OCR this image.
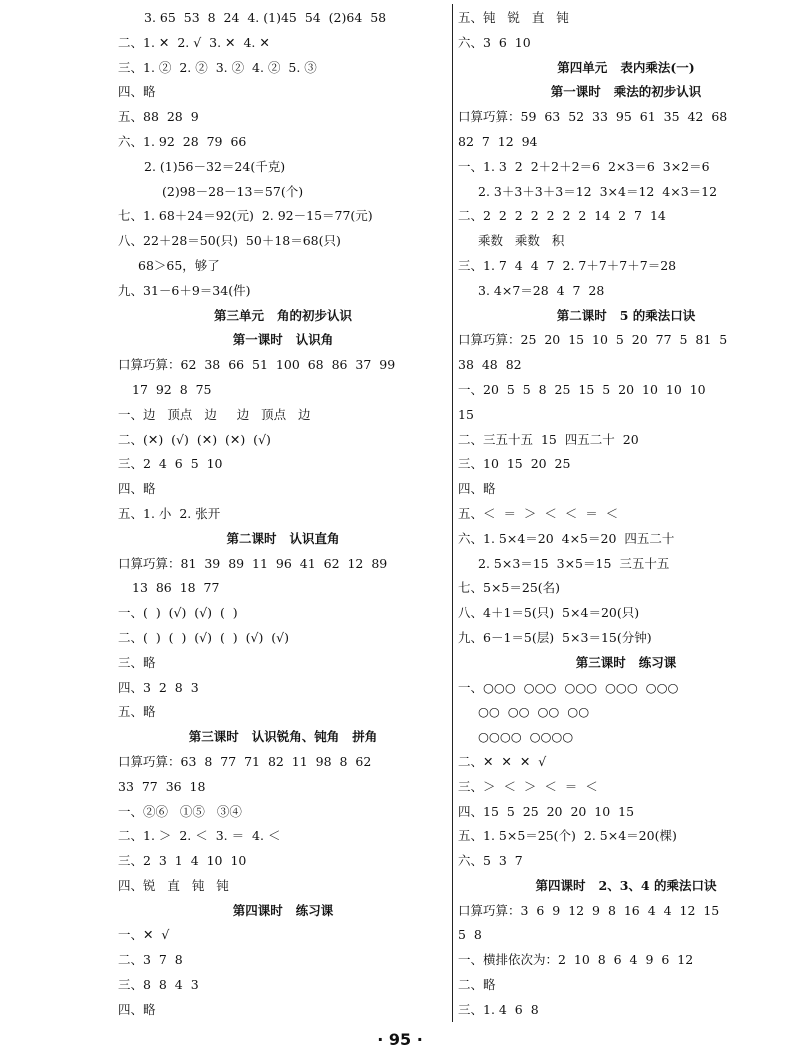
3. 65  53  8  24  4. (1)45  54  (2)64  58
二、1. ✕  2. √  3. ✕  4. ✕
三、1. ②  2. ②  3. ②  4. ②  5. ③
四、略
五、88  28  9
六、1. 92  28  79  66
2. (1)56－32＝24(千克)
(2)98－28－13＝57(个)
七、1. 68＋24＝92(元)  2. 92－15＝77(元)
八、22＋28＝50(只)  50＋18＝68(只)
68＞65，够了
九、31－6＋9＝34(件)
第三单元   角的初步认识
第一课时   认识角
口算巧算：62  38  66  51  100  68  86  37  99
17  92  8  75
一、边   顶点   边     边   顶点   边
二、(✕)  (√)  (✕)  (✕)  (√)
三、2  4  6  5  10
四、略
五、1. 小  2. 张开
第二课时   认识直角
口算巧算：81  39  89  11  96  41  62  12  89
13  86  18  77
一、(  )  (√)  (√)  (  )
二、(  )  (  )  (√)  (  )  (√)  (√)
三、略
四、3  2  8  3
五、略
第三课时   认识锐角、钝角   拼角
口算巧算：63  8  77  71  82  11  98  8  62
33  77  36  18
一、②⑥   ①⑤   ③④
二、1. ＞  2. ＜  3. ＝  4. ＜
三、2  3  1  4  10  10
四、锐   直   钝   钝
第四课时   练习课
一、✕  √
二、3  7  8
三、8  8  4  3
四、略
五、钝   锐   直   钝
六、3  6  10
第四单元   表内乘法(一)
第一课时   乘法的初步认识
口算巧算：59  63  52  33  95  61  35  42  68
82  7  12  94
一、1. 3  2  2＋2＋2＝6  2×3＝6  3×2＝6
2. 3＋3＋3＋3＝12  3×4＝12  4×3＝12
二、2  2  2  2  2  2  2  14  2  7  14
乘数   乘数   积
三、1. 7  4  4  7  2. 7＋7＋7＋7＝28
3. 4×7＝28  4  7  28
第二课时   5 的乘法口诀
口算巧算：25  20  15  10  5  20  77  5  81  5
38  48  82
一、20  5  5  8  25  15  5  20  10  10  10
15
二、三五十五  15  四五二十  20
三、10  15  20  25
四、略
五、＜  ＝  ＞  ＜  ＜  ＝  ＜
六、1. 5×4＝20  4×5＝20  四五二十
2. 5×3＝15  3×5＝15  三五十五
七、5×5＝25(名)
八、4＋1＝5(只)  5×4＝20(只)
九、6－1＝5(层)  5×3＝15(分钟)
第三课时   练习课
一、○○○  ○○○  ○○○  ○○○  ○○○
○○  ○○  ○○  ○○
○○○○  ○○○○
二、✕  ✕  ✕  √
三、＞  ＜  ＞  ＜  ＝  ＜
四、15  5  25  20  20  10  15
五、1. 5×5＝25(个)  2. 5×4＝20(棵)
六、5  3  7
第四课时   2、3、4 的乘法口诀
口算巧算：3  6  9  12  9  8  16  4  4  12  15
5  8
一、横排依次为：2  10  8  6  4  9  6  12
二、略
三、1. 4  6  8
· 95 ·
